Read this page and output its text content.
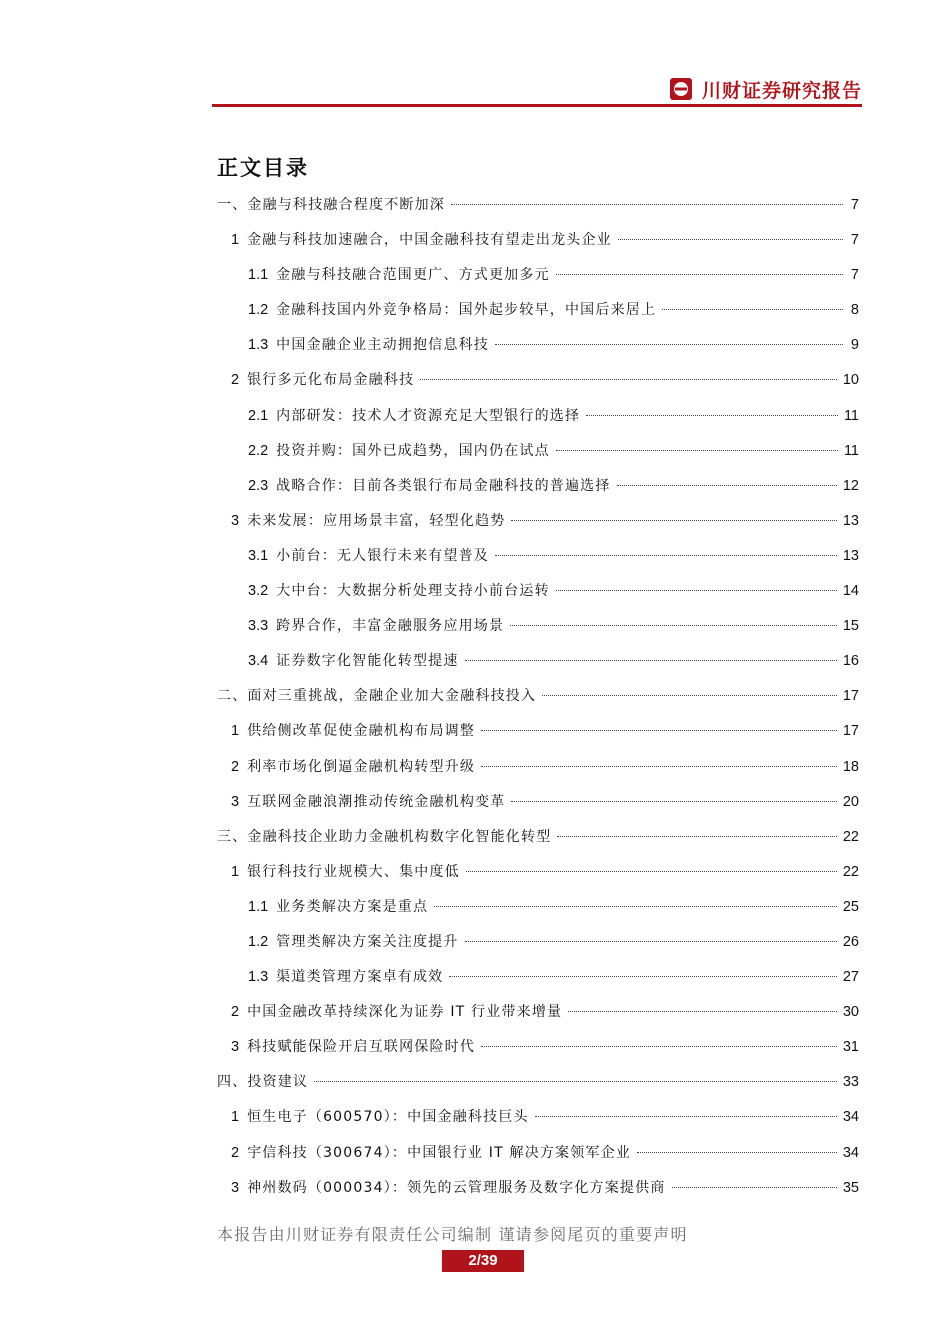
川财证券研究报告
正文目录
一、金融与科技融合程度不断加深	7
1 金融与科技加速融合，中国金融科技有望走出龙头企业	7
1.1 金融与科技融合范围更广、方式更加多元	7
1.2 金融科技国内外竞争格局：国外起步较早，中国后来居上	8
1.3 中国金融企业主动拥抱信息科技	9
2 银行多元化布局金融科技	10
2.1 内部研发：技术人才资源充足大型银行的选择	11
2.2 投资并购：国外已成趋势，国内仍在试点	11
2.3 战略合作：目前各类银行布局金融科技的普遍选择	12
3 未来发展：应用场景丰富，轻型化趋势	13
3.1 小前台：无人银行未来有望普及	13
3.2 大中台：大数据分析处理支持小前台运转	14
3.3 跨界合作，丰富金融服务应用场景	15
3.4 证券数字化智能化转型提速	16
二、面对三重挑战，金融企业加大金融科技投入	17
1 供给侧改革促使金融机构布局调整	17
2 利率市场化倒逼金融机构转型升级	18
3 互联网金融浪潮推动传统金融机构变革	20
三、金融科技企业助力金融机构数字化智能化转型	22
1 银行科技行业规模大、集中度低	22
1.1 业务类解决方案是重点	25
1.2 管理类解决方案关注度提升	26
1.3 渠道类管理方案卓有成效	27
2 中国金融改革持续深化为证券 IT 行业带来增量	30
3 科技赋能保险开启互联网保险时代	31
四、投资建议	33
1 恒生电子（600570）：中国金融科技巨头	34
2 宇信科技（300674）：中国银行业 IT 解决方案领军企业	34
3 神州数码（000034）：领先的云管理服务及数字化方案提供商	35
本报告由川财证券有限责任公司编制 谨请参阅尾页的重要声明
2/39
